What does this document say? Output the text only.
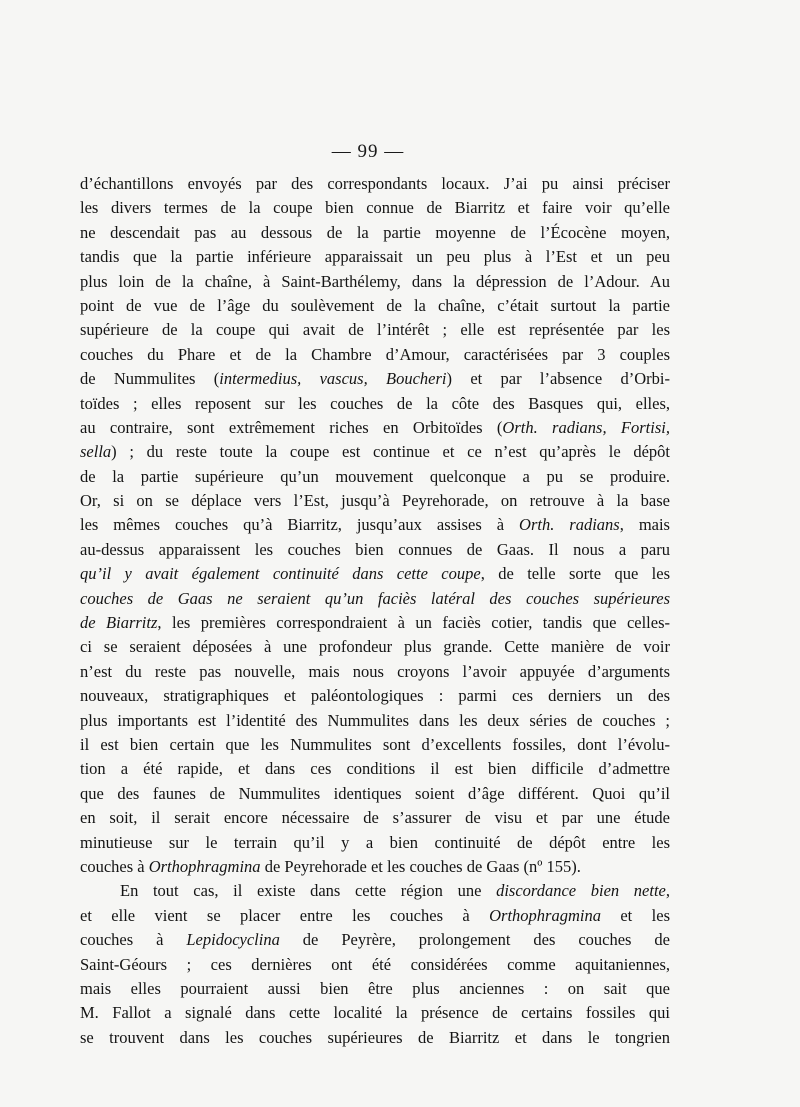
— 99 —
d’échantillons envoyés par des correspondants locaux. J’ai pu ainsi préciser
les divers termes de la coupe bien connue de Biarritz et faire voir qu’elle
ne descendait pas au dessous de la partie moyenne de l’Écocène moyen,
tandis que la partie inférieure apparaissait un peu plus à l’Est et un peu
plus loin de la chaîne, à Saint-Barthélemy, dans la dépression de l’Adour. Au
point de vue de l’âge du soulèvement de la chaîne, c’était surtout la partie
supérieure de la coupe qui avait de l’intérêt ; elle est représentée par les
couches du Phare et de la Chambre d’Amour, caractérisées par 3 couples
de Nummulites (intermedius, vascus, Boucheri) et par l’absence d’Orbi-
toïdes ; elles reposent sur les couches de la côte des Basques qui, elles,
au contraire, sont extrêmement riches en Orbitoïdes (Orth. radians, Fortisi,
sella) ; du reste toute la coupe est continue et ce n’est qu’après le dépôt
de la partie supérieure qu’un mouvement quelconque a pu se produire.
Or, si on se déplace vers l’Est, jusqu’à Peyrehorade, on retrouve à la base
les mêmes couches qu’à Biarritz, jusqu’aux assises à Orth. radians, mais
au-dessus apparaissent les couches bien connues de Gaas. Il nous a paru
qu’il y avait également continuité dans cette coupe, de telle sorte que les
couches de Gaas ne seraient qu’un faciès latéral des couches supérieures
de Biarritz, les premières correspondraient à un faciès cotier, tandis que celles-
ci se seraient déposées à une profondeur plus grande. Cette manière de voir
n’est du reste pas nouvelle, mais nous croyons l’avoir appuyée d’arguments
nouveaux, stratigraphiques et paléontologiques : parmi ces derniers un des
plus importants est l’identité des Nummulites dans les deux séries de couches ;
il est bien certain que les Nummulites sont d’excellents fossiles, dont l’évolu-
tion a été rapide, et dans ces conditions il est bien difficile d’admettre
que des faunes de Nummulites identiques soient d’âge différent. Quoi qu’il
en soit, il serait encore nécessaire de s’assurer de visu et par une étude
minutieuse sur le terrain qu’il y a bien continuité de dépôt entre les
couches à Orthophragmina de Peyrehorade et les couches de Gaas (nº 155).
En tout cas, il existe dans cette région une discordance bien nette,
et elle vient se placer entre les couches à Orthophragmina et les
couches à Lepidocyclina de Peyrère, prolongement des couches de
Saint-Géours ; ces dernières ont été considérées comme aquitaniennes,
mais elles pourraient aussi bien être plus anciennes : on sait que
M. Fallot a signalé dans cette localité la présence de certains fossiles qui
se trouvent dans les couches supérieures de Biarritz et dans le tongrien
